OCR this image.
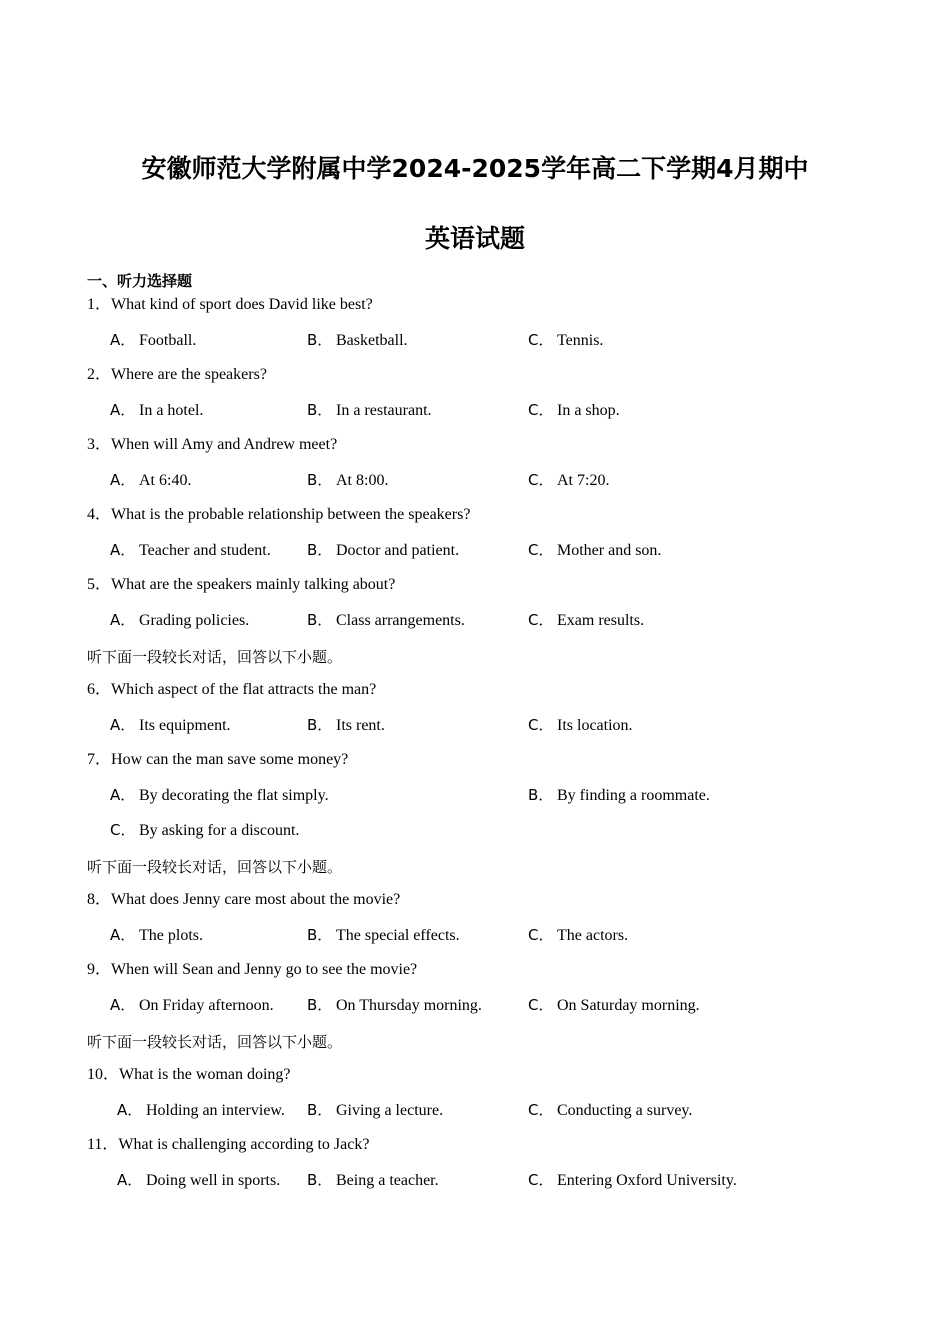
安徽师范大学附属中学2024-2025学年高二下学期4月期中
英语试题
一、听力选择题
1．What kind of sport does David like best?
A． Football.	B． Basketball.	C． Tennis.
2．Where are the speakers?
A． In a hotel.	B． In a restaurant.	C． In a shop.
3．When will Amy and Andrew meet?
A． At 6:40.	B． At 8:00.	C． At 7:20.
4．What is the probable relationship between the speakers?
A． Teacher and student. B． Doctor and patient.	C． Mother and son.
5．What are the speakers mainly talking about?
A． Grading policies.	B． Class arrangements.	C． Exam results.
听下面一段较长对话，回答以下小题。
6．Which aspect of the flat attracts the man?
A． Its equipment.	B． Its rent.	C． Its location.
7．How can the man save some money?
A． By decorating the flat simply.	B． By finding a roommate.
C． By asking for a discount.
听下面一段较长对话，回答以下小题。
8．What does Jenny care most about the movie?
A． The plots.	B． The special effects.	C． The actors.
9．When will Sean and Jenny go to see the movie?
A． On Friday afternoon. B． On Thursday morning.	C． On Saturday morning.
听下面一段较长对话，回答以下小题。
10．What is the woman doing?
A． Holding an interview. B． Giving a lecture.	C． Conducting a survey.
11．What is challenging according to Jack?
A． Doing well in sports. B． Being a teacher.	C． Entering Oxford University.
